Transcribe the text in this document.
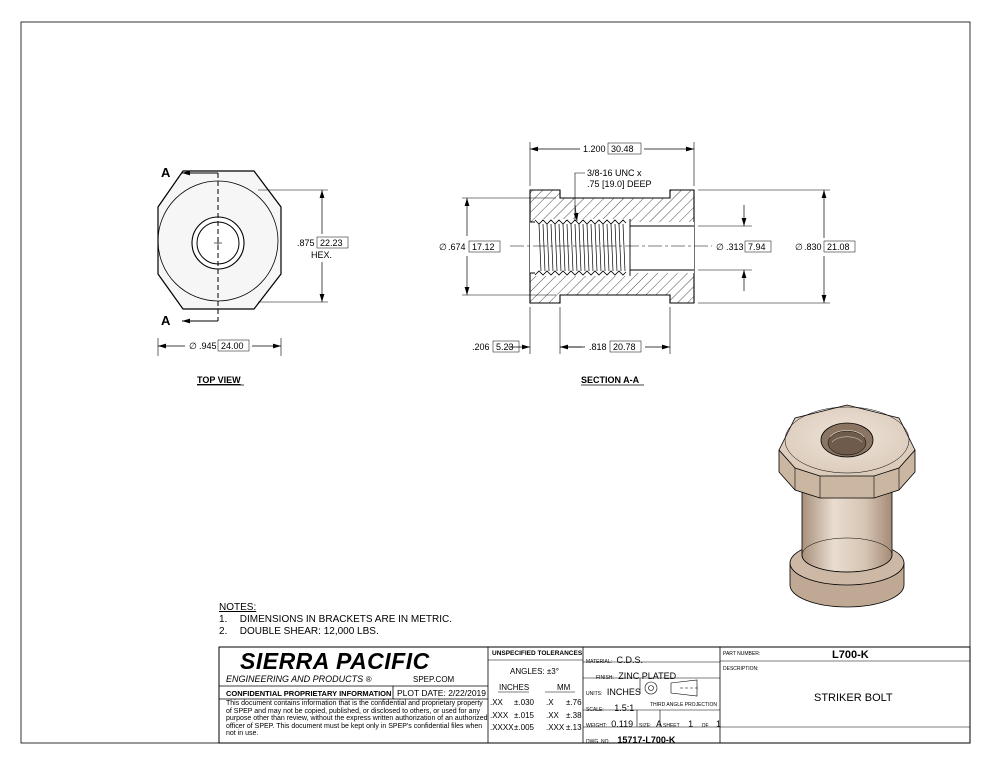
A
A
.875 22.23
HEX.
∅ .945 24.00
TOP VIEW
1.200 30.48
3/8-16 UNC x
.75 [19.0] DEEP
∅ .674 17.12	∅ .313 7.94	∅ .830 21.08
.206 5.23	.818 20.78
SECTION A-A
NOTES:
1. DIMENSIONS IN BRACKETS ARE IN METRIC.
2. DOUBLE SHEAR: 12,000 LBS.
SIERRA PACIFIC
ENGINEERING AND PRODUCTS ®	SPEP.COM
CONFIDENTIAL PROPRIETARY INFORMATION PLOT DATE: 2/22/2019
This document contains information that is the confidential and proprietary property of SPEP and may not be copied, published, or disclosed to others, or used for any purpose other than review, without the express written authorization of an authorized officer of SPEP. This document must be kept only in SPEP's confidential files when not in use.
UNSPECIFIED TOLERANCES
ANGLES: ±3°
INCHES	MM
.XX ±.030 .X ±.76
.XXX ±.015 .XX ±.38
.XXXX±.005 .XXX ±.13
MATERIAL: C.D.S.
FINISH: ZINC PLATED
UNITS: INCHES
THIRD ANGLE PROJECTION
SCALE: 1.5:1
WEIGHT: 0.119 SIZE: A SHEET 1 OF 1
DWG. NO. 15717-L700-K
PART NUMBER:	L700-K
DESCRIPTION:
STRIKER BOLT
